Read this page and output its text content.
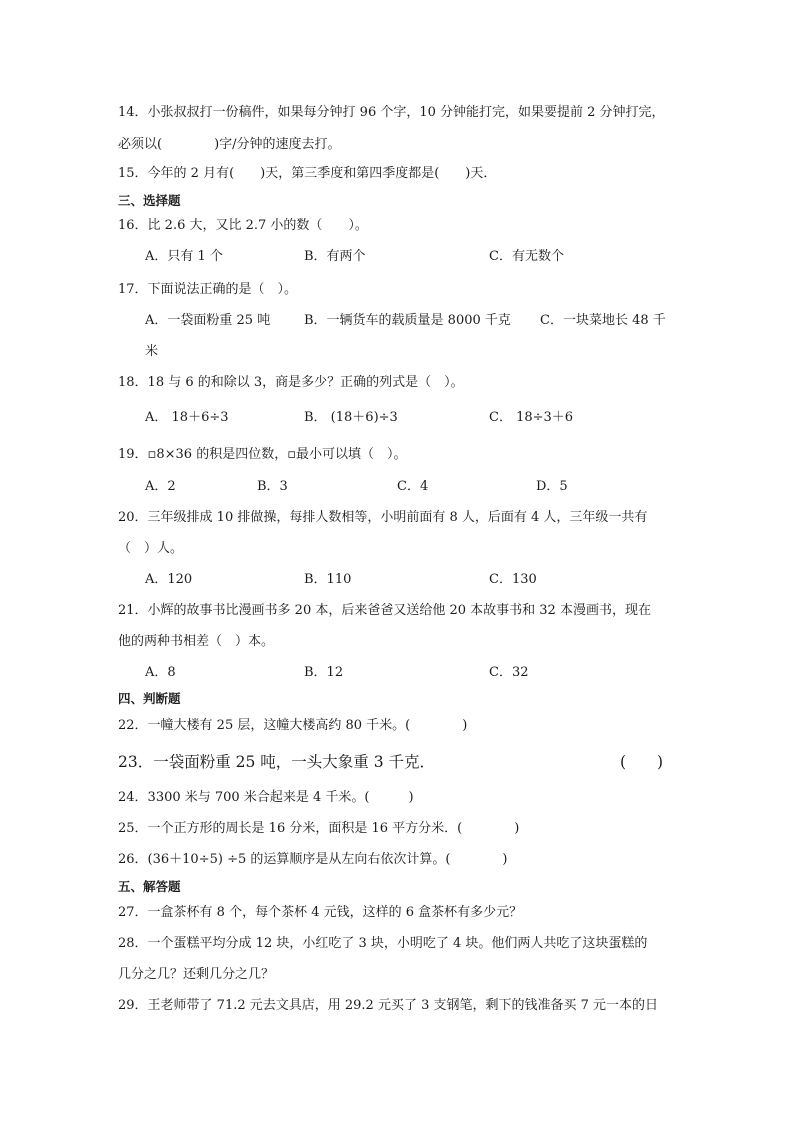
14．小张叔叔打一份稿件，如果每分钟打 96 个字，10 分钟能打完，如果要提前 2 分钟打完，
必须以(　　　　)字/分钟的速度去打。
15．今年的 2 月有(　　)天，第三季度和第四季度都是(　　)天．
三、选择题
16．比 2.6 大，又比 2.7 小的数（　　）。
A．只有 1 个	B．有两个	C．有无数个
17．下面说法正确的是（　）。
A．一袋面粉重 25 吨	B．一辆货车的载质量是 8000 千克 C．一块菜地长 48 千
米
18．18 与 6 的和除以 3，商是多少？正确的列式是（　）。
A． 18＋6÷3	B． (18＋6)÷3	C． 18÷3＋6
19．▫8×36 的积是四位数，▫最小可以填（　）。
A．2	B．3	C．4	D．5
20．三年级排成 10 排做操，每排人数相等，小明前面有 8 人，后面有 4 人，三年级一共有
（　）人。
A．120	B．110	C．130
21．小辉的故事书比漫画书多 20 本，后来爸爸又送给他 20 本故事书和 32 本漫画书，现在
他的两种书相差（　）本。
A．8	B．12	C．32
四、判断题
22．一幢大楼有 25 层，这幢大楼高约 80 千米。(　　　　)
23．一袋面粉重 25 吨，一头大象重 3 千克．	(　　)
24．3300 米与 700 米合起来是 4 千米。(　　　)
25．一个正方形的周长是 16 分米，面积是 16 平方分米．(　　　　)
26．(36＋10÷5) ÷5 的运算顺序是从左向右依次计算。(　　　　)
五、解答题
27．一盒茶杯有 8 个，每个茶杯 4 元钱，这样的 6 盒茶杯有多少元？
28．一个蛋糕平均分成 12 块，小红吃了 3 块，小明吃了 4 块。他们两人共吃了这块蛋糕的
几分之几？还剩几分之几？
29．王老师带了 71.2 元去文具店，用 29.2 元买了 3 支钢笔，剩下的钱准备买 7 元一本的日
